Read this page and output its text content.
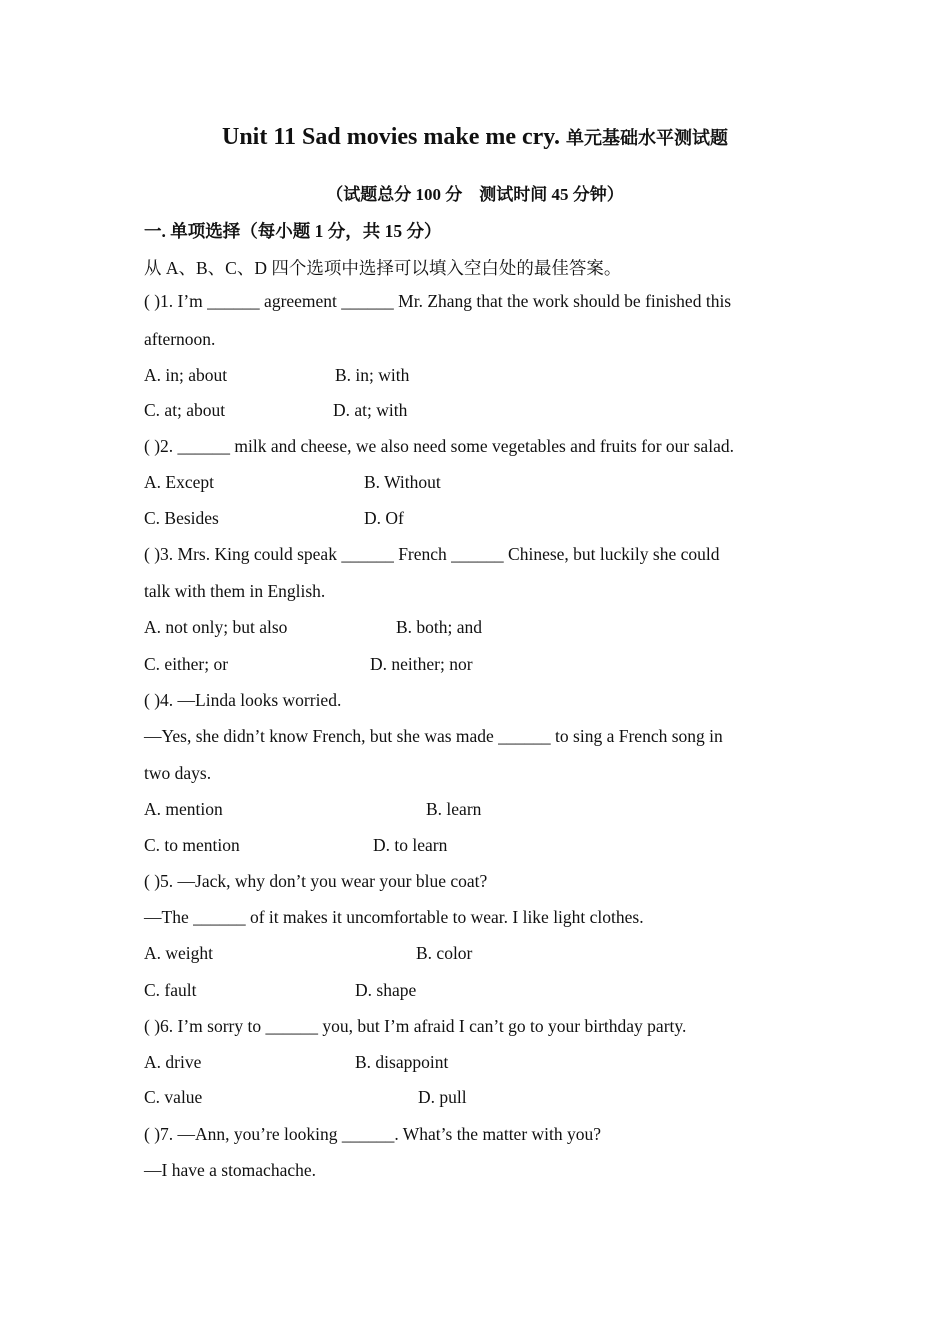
Unit 11 Sad movies make me cry. 单元基础水平测试题
（试题总分 100 分　测试时间 45 分钟）
一. 单项选择（每小题 1 分，共 15 分）
从 A、B、C、D 四个选项中选择可以填入空白处的最佳答案。
( )1. I’m ______ agreement ______ Mr. Zhang that the work should be finished this
afternoon.
A. in; about	B. in; with
C. at; about	D. at; with
( )2. ______ milk and cheese, we also need some vegetables and fruits for our salad.
A. Except	B. Without
C. Besides	D. Of
( )3. Mrs. King could speak ______ French ______ Chinese, but luckily she could
talk with them in English.
A. not only; but also	B. both; and
C. either; or	D. neither; nor
( )4. —Linda looks worried.
—Yes, she didn’t know French, but she was made ______ to sing a French song in
two days.
A. mention	B. learn
C. to mention	D. to learn
( )5. —Jack, why don’t you wear your blue coat?
—The ______ of it makes it uncomfortable to wear. I like light clothes.
A. weight	B. color
C. fault	D. shape
( )6. I’m sorry to ______ you, but I’m afraid I can’t go to your birthday party.
A. drive	B. disappoint
C. value	D. pull
( )7. —Ann, you’re looking ______. What’s the matter with you?
—I have a stomachache.
